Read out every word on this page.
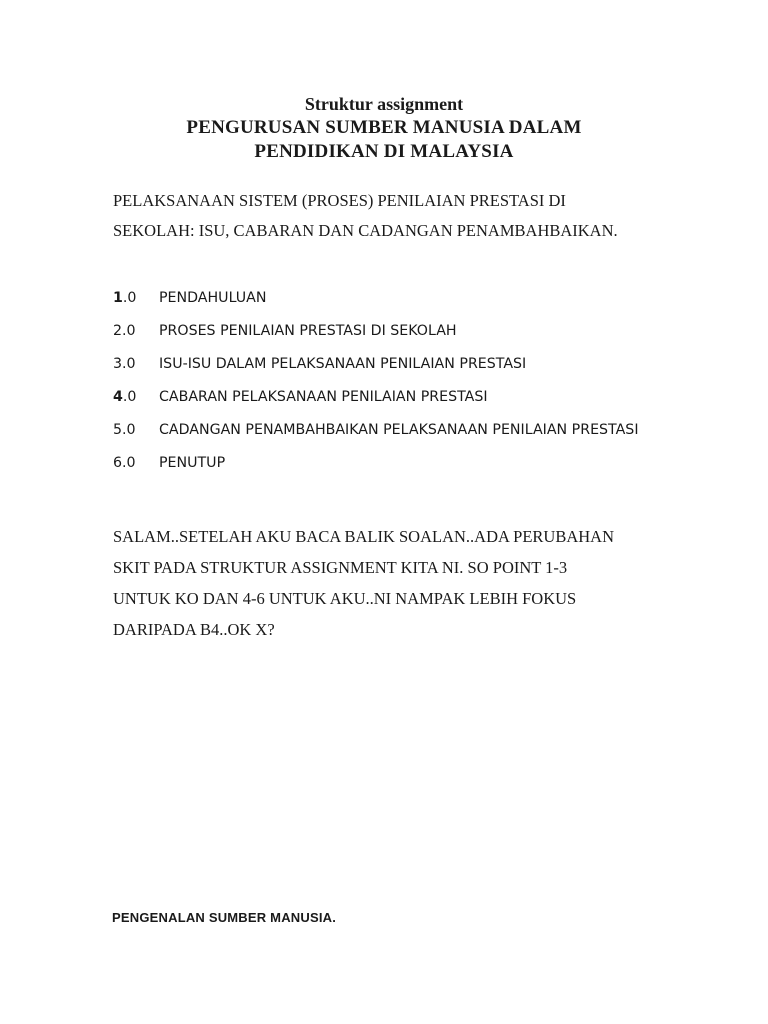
Struktur assignment
PENGURUSAN SUMBER MANUSIA DALAM
PENDIDIKAN DI MALAYSIA
PELAKSANAAN SISTEM (PROSES) PENILAIAN PRESTASI DI
SEKOLAH: ISU, CABARAN DAN CADANGAN PENAMBAHBAIKAN.
1.0	PENDAHULUAN
2.0	PROSES PENILAIAN PRESTASI DI SEKOLAH
3.0	ISU-ISU DALAM PELAKSANAAN PENILAIAN PRESTASI
4.0	CABARAN PELAKSANAAN PENILAIAN PRESTASI
5.0	CADANGAN PENAMBAHBAIKAN PELAKSANAAN PENILAIAN PRESTASI
6.0	PENUTUP
SALAM..SETELAH AKU BACA BALIK SOALAN..ADA PERUBAHAN
SKIT PADA STRUKTUR ASSIGNMENT KITA NI. SO POINT 1-3
UNTUK KO DAN 4-6 UNTUK AKU..NI NAMPAK LEBIH FOKUS
DARIPADA B4..OK X?
PENGENALAN SUMBER MANUSIA.
